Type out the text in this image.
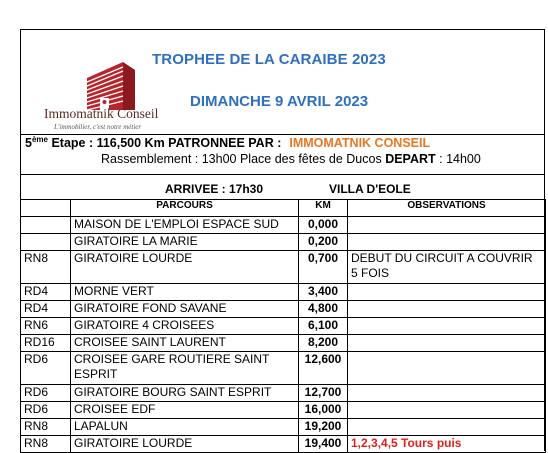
Immomatnik Conseil
L'immobilier, c'est notre métier
TROPHEE DE LA CARAIBE 2023
DIMANCHE 9 AVRIL 2023
5ème Etape : 116,500 Km PATRONNEE PAR : IMMOMATNIK CONSEIL
Rassemblement : 13h00 Place des fêtes de Ducos DEPART : 14h00
ARRIVEE : 17h30	VILLA D'EOLE
	PARCOURS	KM	OBSERVATIONS
	MAISON DE L'EMPLOI ESPACE SUD	0,000	
	GIRATOIRE LA MARIE	0,200	
RN8	GIRATOIRE LOURDE	0,700	DEBUT DU CIRCUIT A COUVRIR 5 FOIS
RD4	MORNE VERT	3,400	
RD4	GIRATOIRE FOND SAVANE	4,800	
RN6	GIRATOIRE 4 CROISEES	6,100	
RD16	CROISEE SAINT LAURENT	8,200	
RD6	CROISEE GARE ROUTIERE SAINT ESPRIT	12,600	
RD6	GIRATOIRE BOURG SAINT ESPRIT	12,700	
RD6	CROISEE EDF	16,000	
RN8	LAPALUN	19,200	
RN8	GIRATOIRE LOURDE	19,400	1,2,3,4,5 Tours puis
